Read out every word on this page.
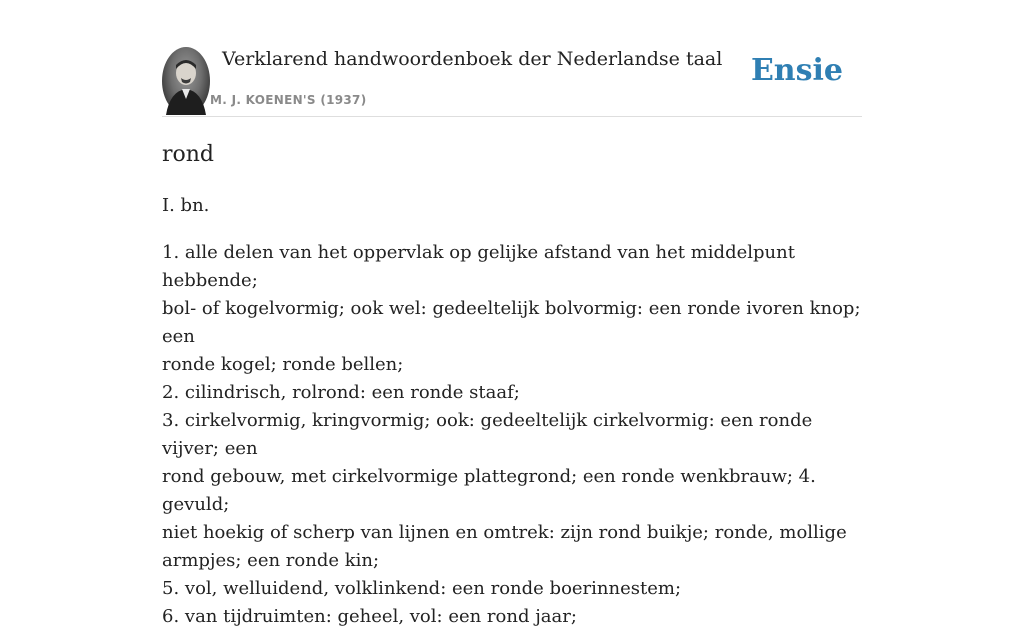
Verklarend handwoordenboek der Nederlandse taal
M. J. KOENEN'S (1937)
Ensie
rond

I. bn.

1. alle delen van het oppervlak op gelijke afstand van het middelpunt hebbende;
bol- of kogelvormig; ook wel: gedeeltelijk bolvormig: een ronde ivoren knop; een
ronde kogel; ronde bellen;
2. cilindrisch, rolrond: een ronde staaf;
3. cirkelvormig, kringvormig; ook: gedeeltelijk cirkelvormig: een ronde vijver; een
rond gebouw, met cirkelvormige plattegrond; een ronde wenkbrauw; 4. gevuld;
niet hoekig of scherp van lijnen en omtrek: zijn rond buikje; ronde, mollige
armpjes; een ronde kin;
5. vol, welluidend, volklinkend: een ronde boerinnestem;
6. van tijdruimten: geheel, vol: een rond jaar;
